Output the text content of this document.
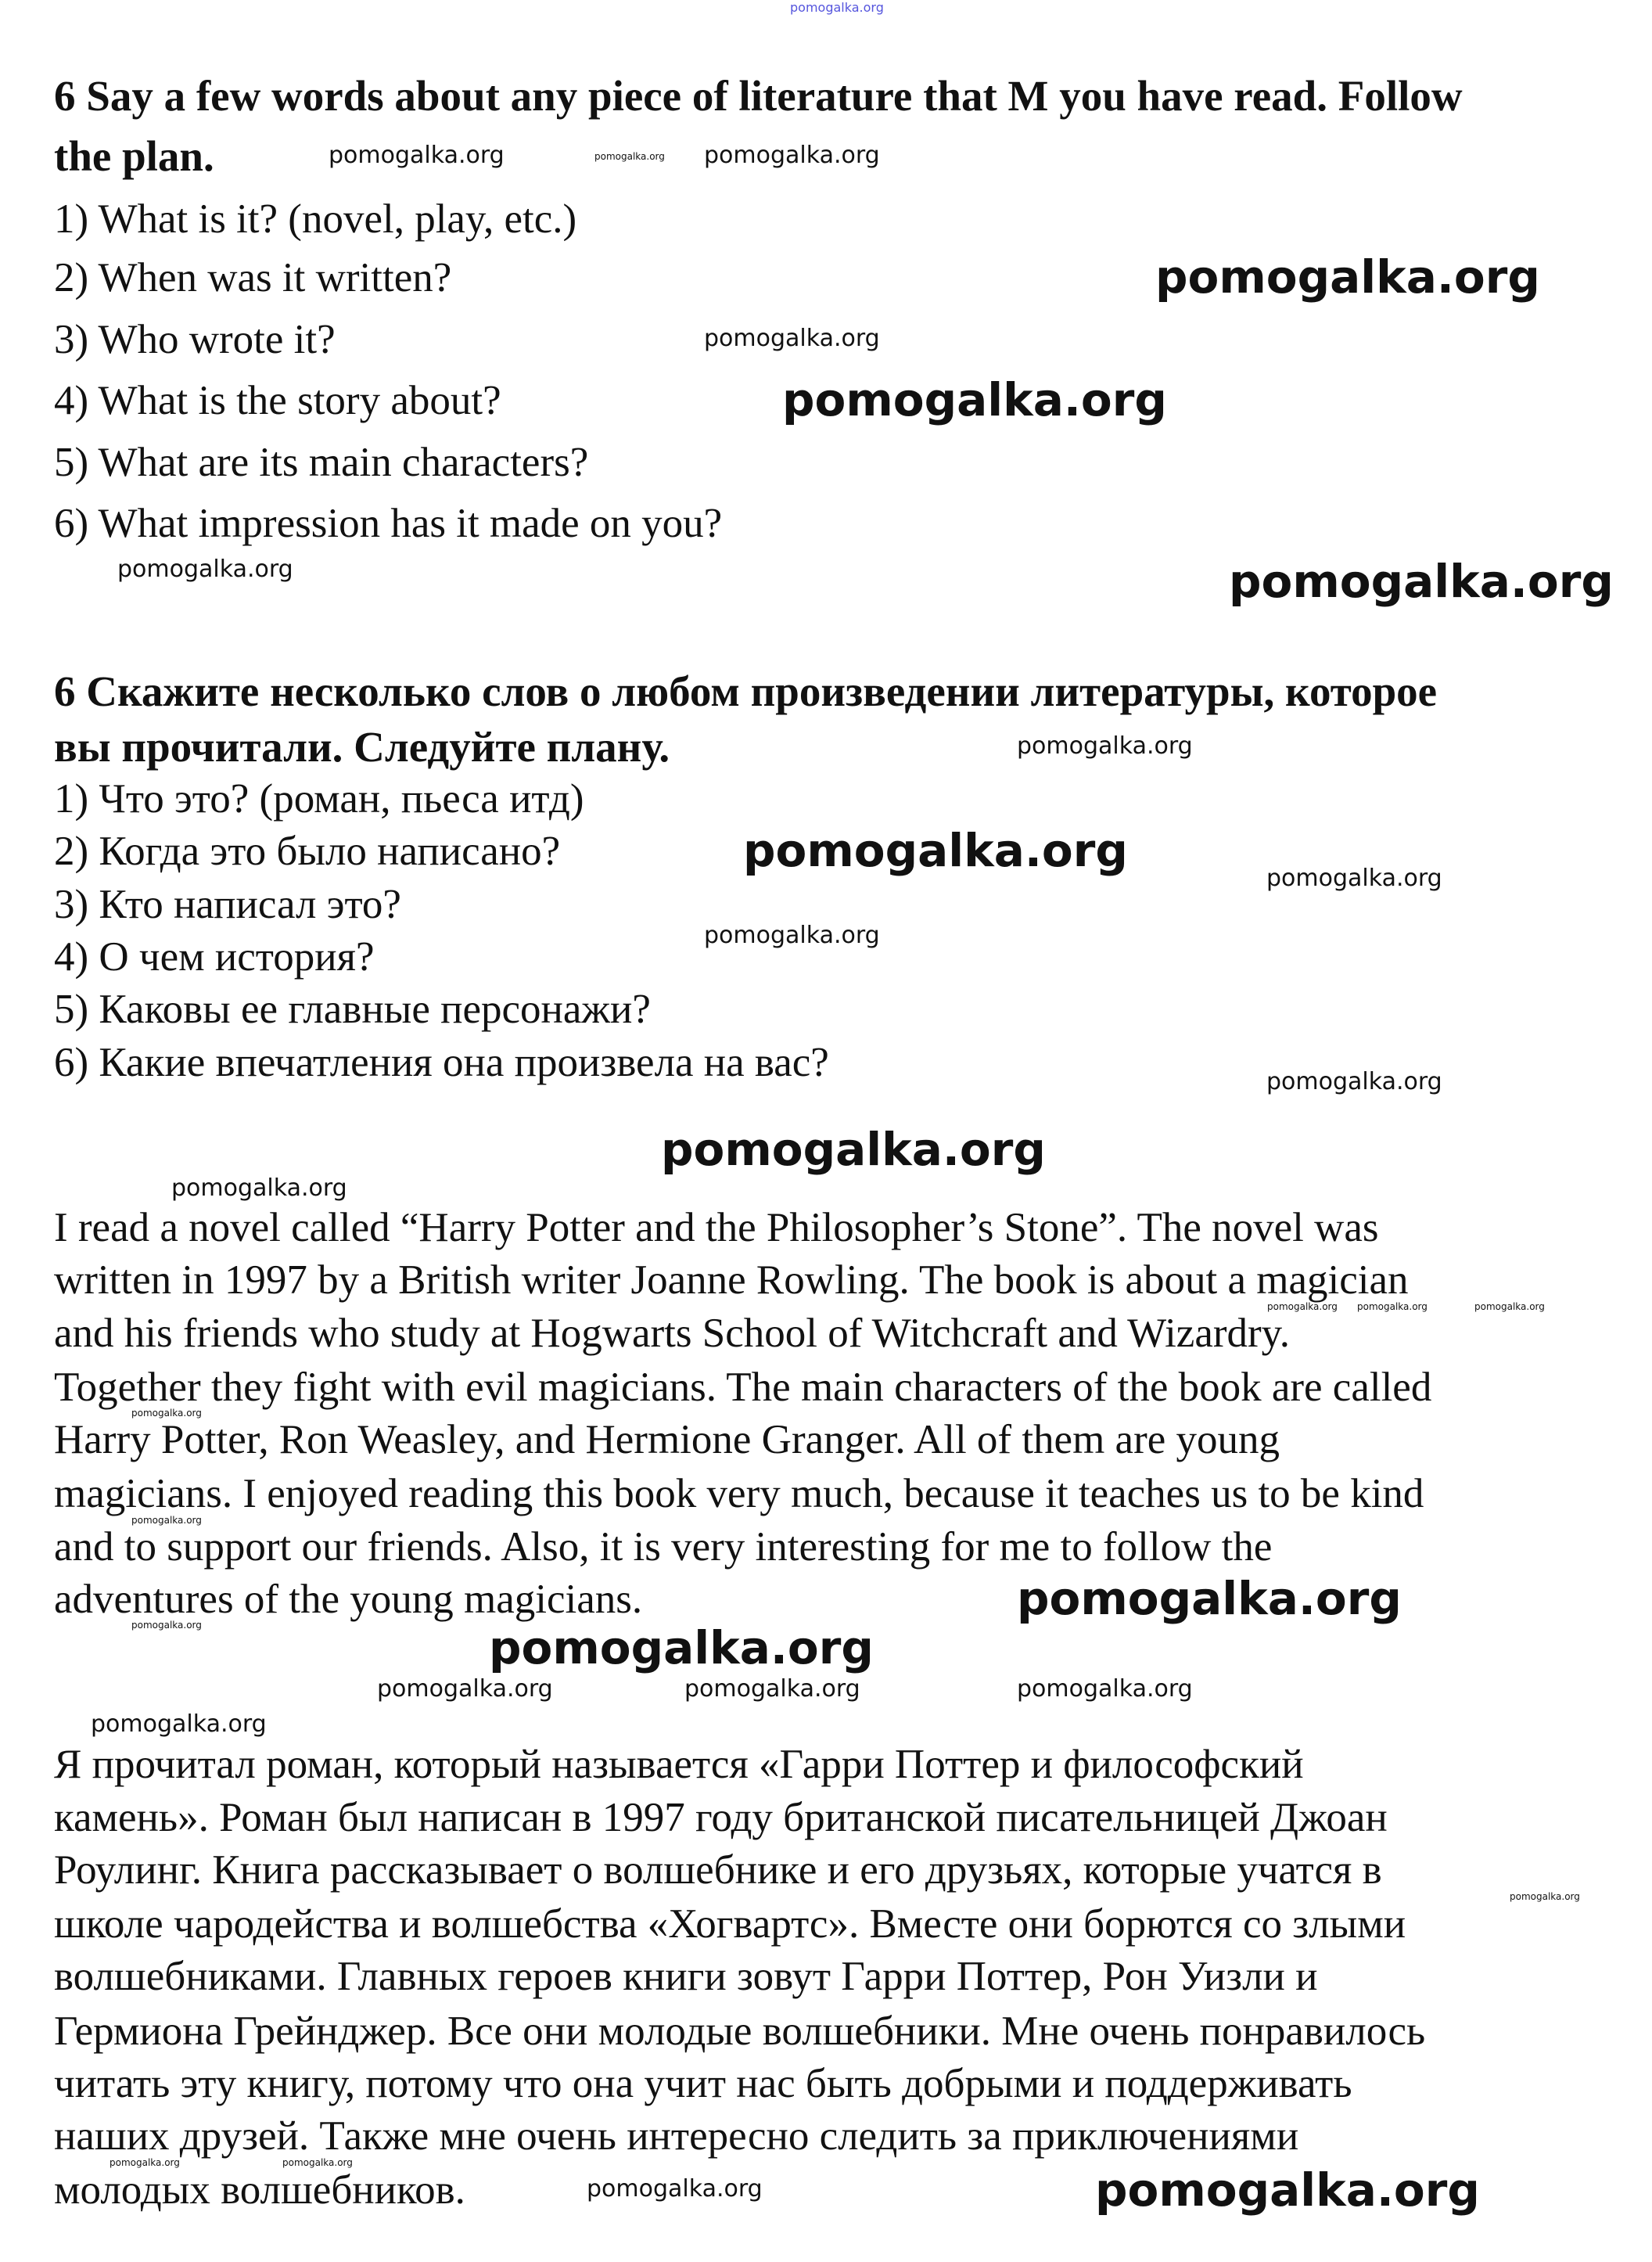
6 Say a few words about any piece of literature that M you have read. Follow
the plan.
1) What is it? (novel, play, etc.)
2) When was it written?
3) Who wrote it?
4) What is the story about?
5) What are its main characters?
6) What impression has it made on you?
6 Скажите несколько слов о любом произведении литературы, которое
вы прочитали. Следуйте плану.
1) Что это? (роман, пьеса итд)
2) Когда это было написано?
3) Кто написал это?
4) О чем история?
5) Каковы ее главные персонажи?
6) Какие впечатления она произвела на вас?
I read a novel called “Harry Potter and the Philosopher’s Stone”. The novel was
written in 1997 by a British writer Joanne Rowling. The book is about a magician
and his friends who study at Hogwarts School of Witchcraft and Wizardry.
Together they fight with evil magicians. The main characters of the book are called
Harry Potter, Ron Weasley, and Hermione Granger. All of them are young
magicians. I enjoyed reading this book very much, because it teaches us to be kind
and to support our friends. Also, it is very interesting for me to follow the
adventures of the young magicians.
Я прочитал роман, который называется «Гарри Поттер и философский
камень». Роман был написан в 1997 году британской писательницей Джоан
Роулинг. Книга рассказывает о волшебнике и его друзьях, которые учатся в
школе чародейства и волшебства «Хогвартс». Вместе они борются со злыми
волшебниками. Главных героев книги зовут Гарри Поттер, Рон Уизли и
Гермиона Грейнджер. Все они молодые волшебники. Мне очень понравилось
читать эту книгу, потому что она учит нас быть добрыми и поддерживать
наших друзей. Также мне очень интересно следить за приключениями
молодых волшебников.
pomogalka.org
pomogalka.org	pomogalka.org pomogalka.org
pomogalka.org
pomogalka.org
pomogalka.org
pomogalka.org	pomogalka.org
pomogalka.org
pomogalka.org
pomogalka.org
pomogalka.org
pomogalka.org
pomogalka.org
pomogalka.org
pomogalka.org pomogalka.org	pomogalka.org
pomogalka.org
pomogalka.org
pomogalka.org
pomogalka.org	pomogalka.org
pomogalka.org
pomogalka.org
pomogalka.org	pomogalka.org	pomogalka.org
pomogalka.org	pomogalka.org
pomogalka.org	pomogalka.org
